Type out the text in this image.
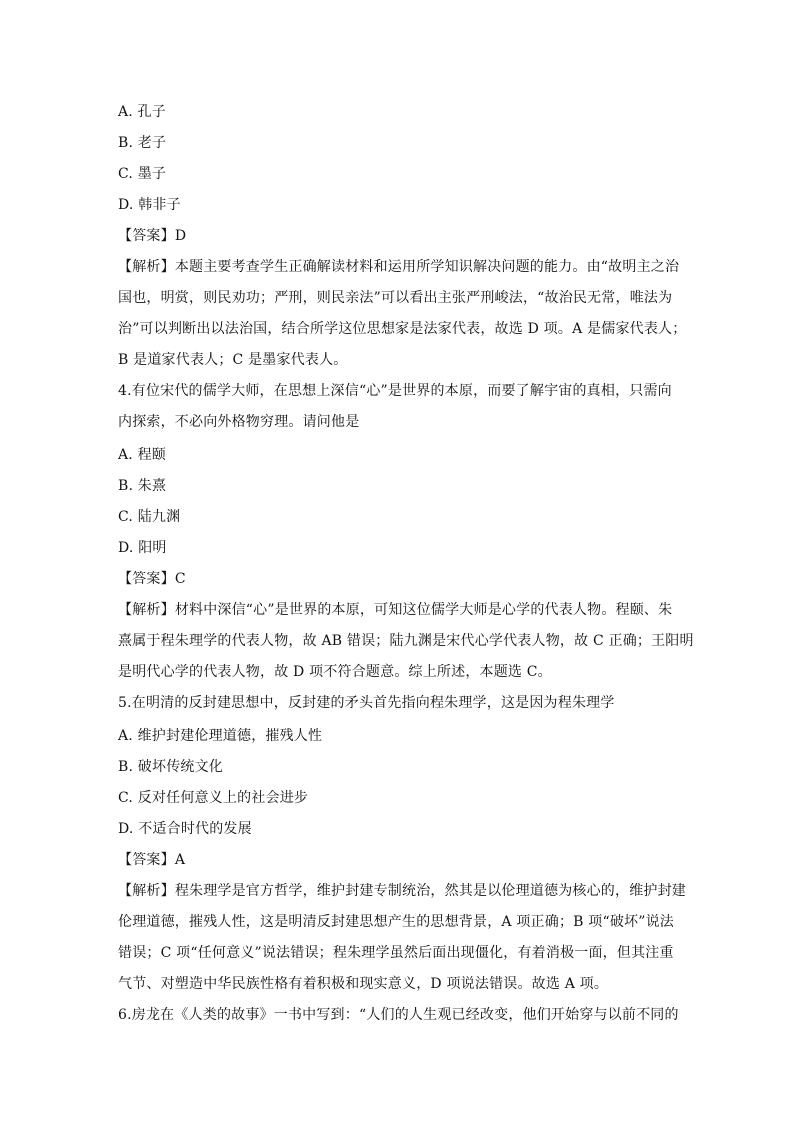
A. 孔子
B. 老子
C. 墨子
D. 韩非子
【答案】D
【解析】本题主要考查学生正确解读材料和运用所学知识解决问题的能力。由“故明主之治
国也，明赏，则民劝功；严刑，则民亲法”可以看出主张严刑峻法，“故治民无常，唯法为
治”可以判断出以法治国，结合所学这位思想家是法家代表，故选 D 项。A 是儒家代表人；
B 是道家代表人；C 是墨家代表人。
4.有位宋代的儒学大师，在思想上深信“心”是世界的本原，而要了解宇宙的真相，只需向
内探索，不必向外格物穷理。请问他是
A. 程颐
B. 朱熹
C. 陆九渊
D. 阳明
【答案】C
【解析】材料中深信“心”是世界的本原，可知这位儒学大师是心学的代表人物。程颐、朱
熹属于程朱理学的代表人物，故 AB 错误；陆九渊是宋代心学代表人物，故 C 正确；王阳明
是明代心学的代表人物，故 D 项不符合题意。综上所述，本题选 C。
5.在明清的反封建思想中，反封建的矛头首先指向程朱理学，这是因为程朱理学
A. 维护封建伦理道德，摧残人性
B. 破坏传统文化
C. 反对任何意义上的社会进步
D. 不适合时代的发展
【答案】A
【解析】程朱理学是官方哲学，维护封建专制统治，然其是以伦理道德为核心的，维护封建
伦理道德，摧残人性，这是明清反封建思想产生的思想背景，A 项正确；B 项“破坏”说法
错误；C 项“任何意义”说法错误；程朱理学虽然后面出现僵化，有着消极一面，但其注重
气节、对塑造中华民族性格有着积极和现实意义，D 项说法错误。故选 A 项。
6.房龙在《人类的故事》一书中写到：“人们的人生观已经改变，他们开始穿与以前不同的
